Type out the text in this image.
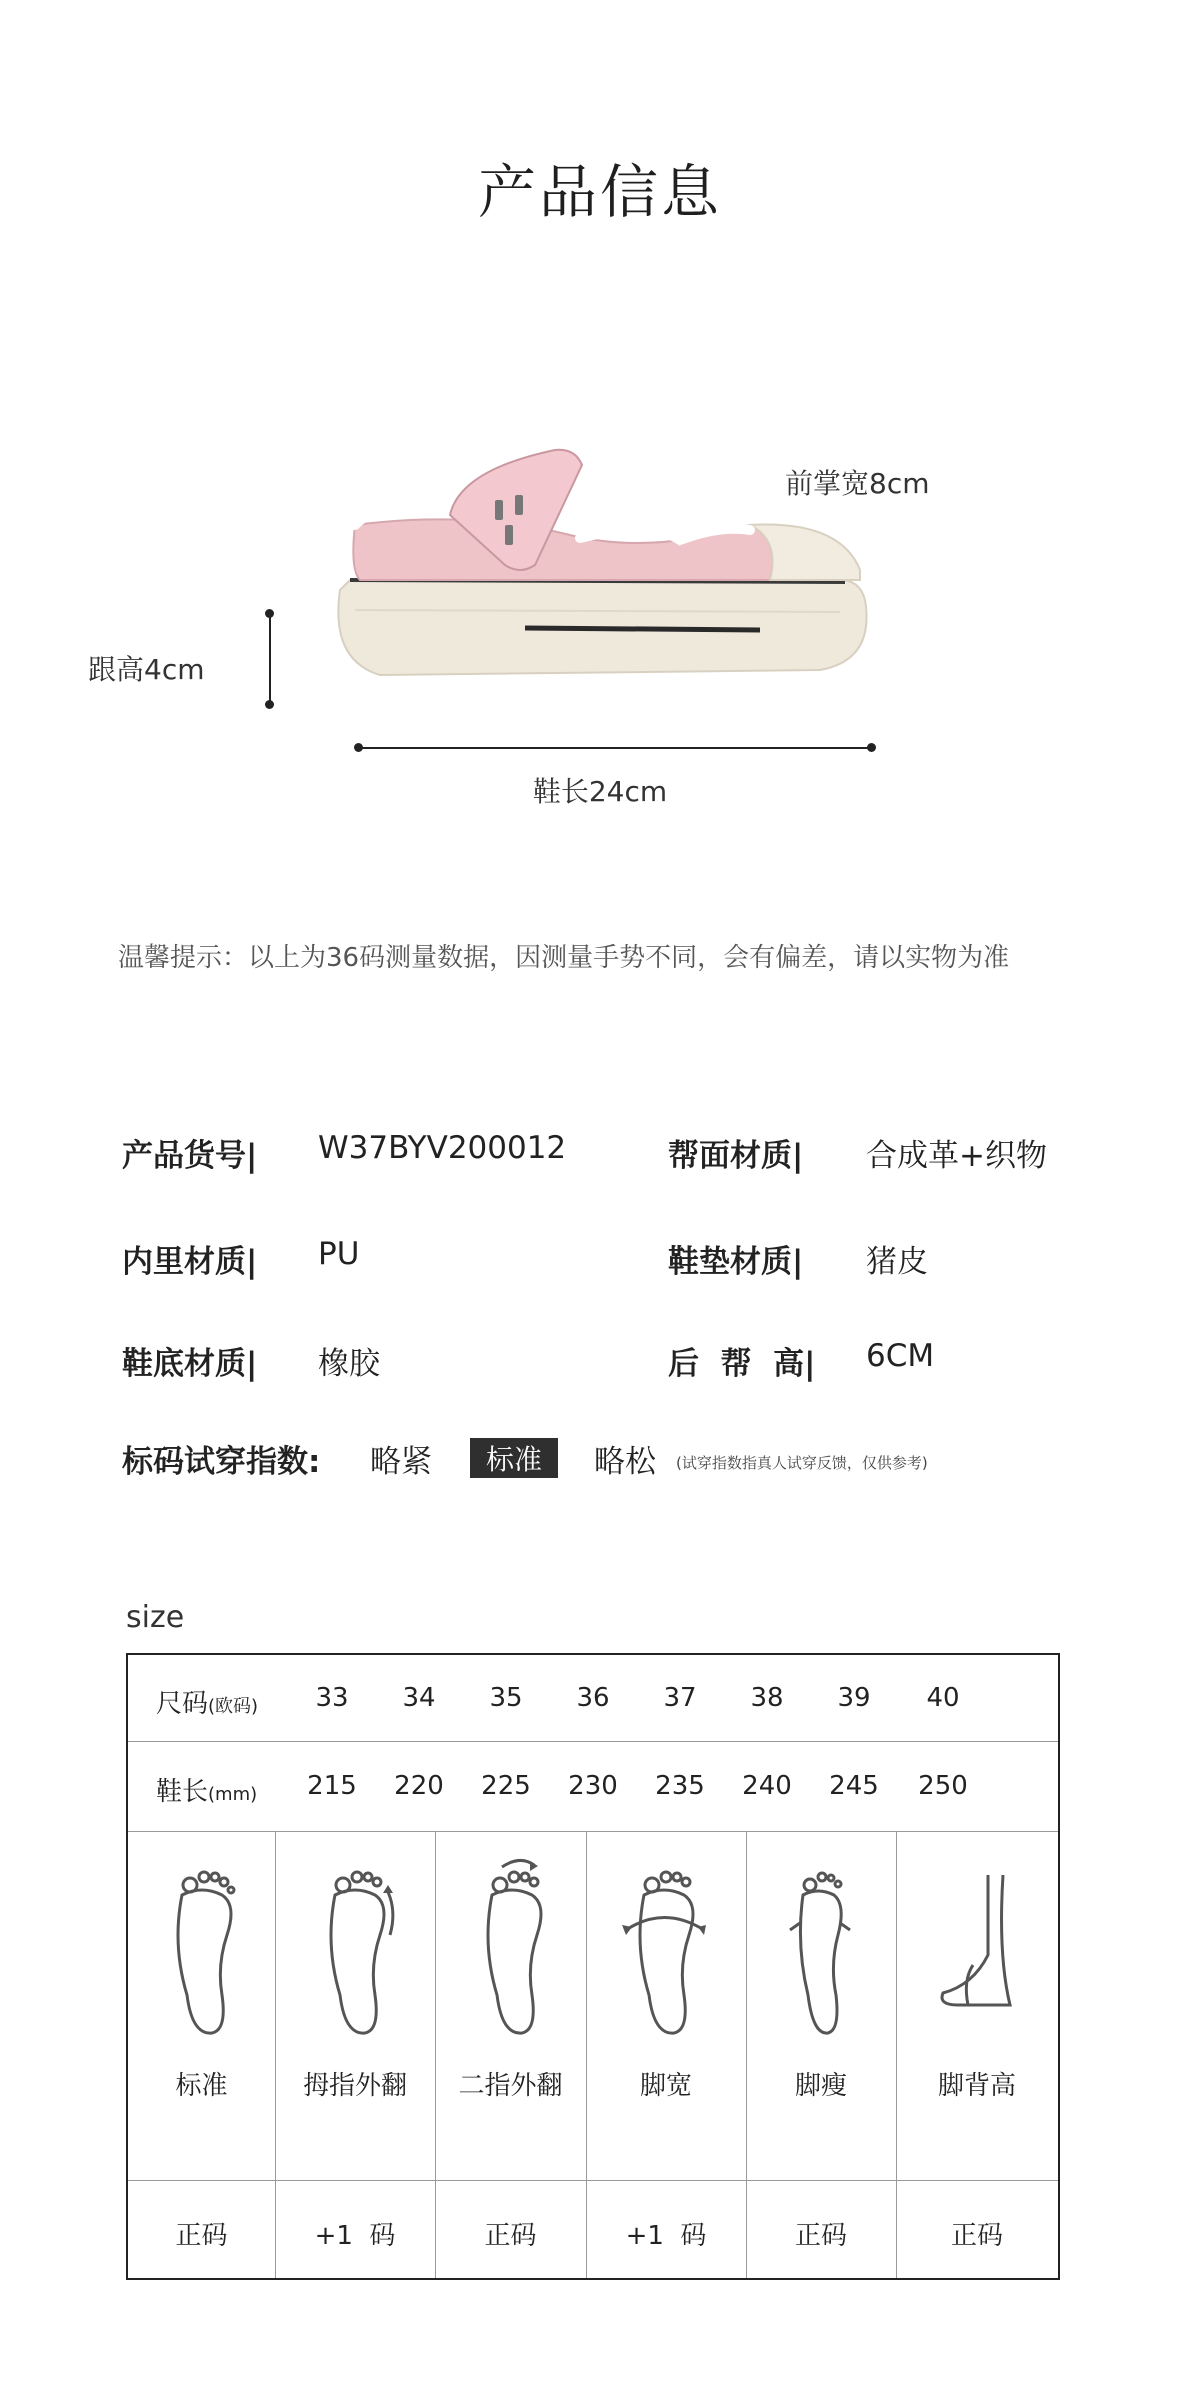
产品信息
前掌宽8cm
跟高4cm
鞋长24cm
温馨提示：以上为36码测量数据，因测量手势不同，会有偏差，请以实物为准
产品货号| W37BYV200012	帮面材质| 合成革+织物
内里材质| PU	鞋垫材质| 猪皮
鞋底材质| 橡胶	后  帮  高| 6CM
标码试穿指数: 略紧	标准	略松 (试穿指数指真人试穿反馈，仅供参考)
size
尺码(欧码)	33	34	35	36	37	38	39	40
鞋长(mm)	215	220	225	230	235	240	245	250
标准	拇指外翻	二指外翻	脚宽	脚瘦	脚背高
正码	+1  码	正码	+1  码	正码	正码
